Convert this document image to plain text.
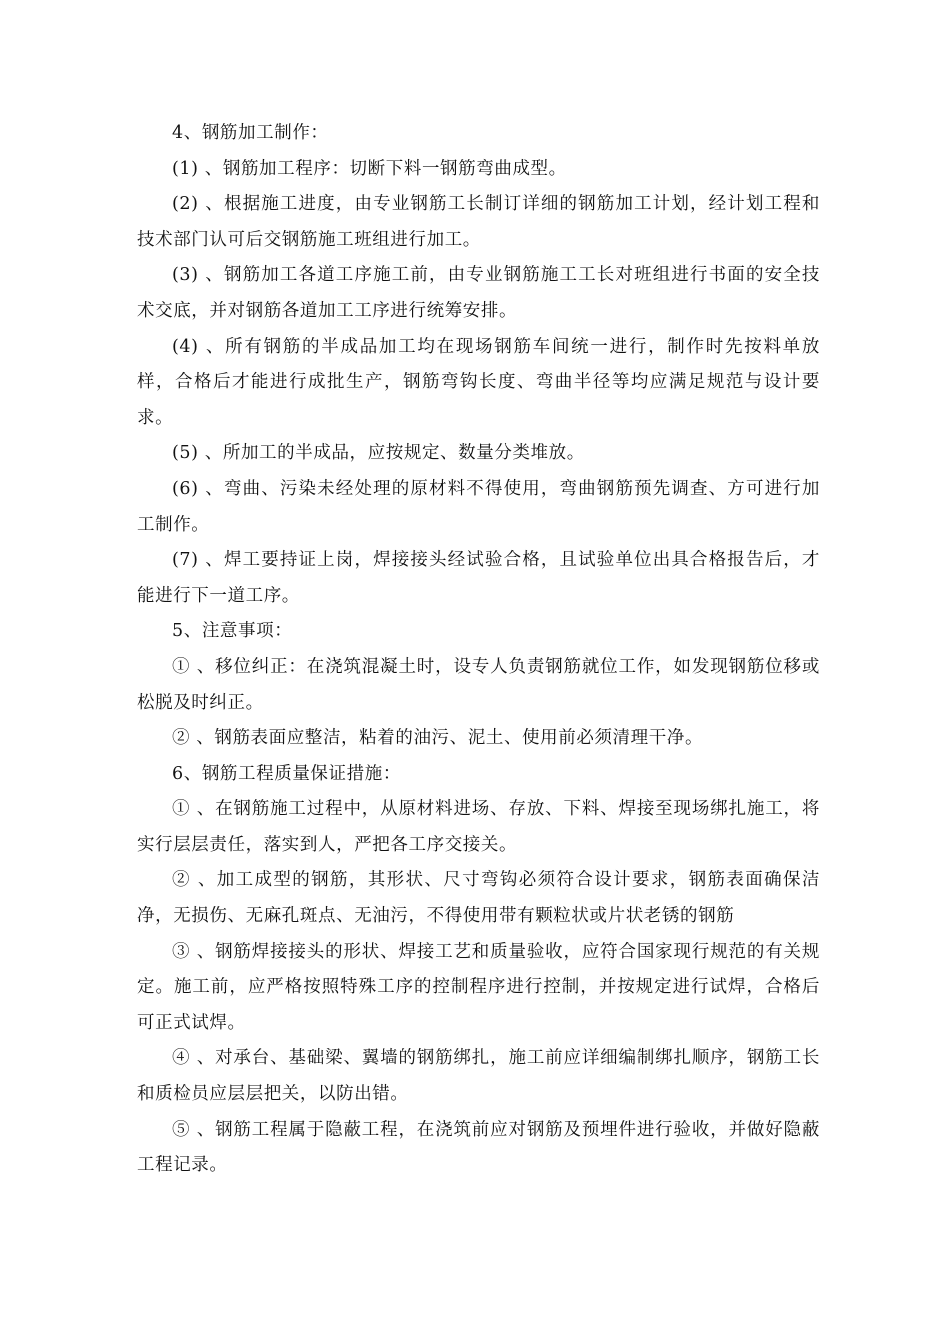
4、钢筋加工制作：

(1) 、钢筋加工程序：切断下料一钢筋弯曲成型。

(2) 、根据施工进度，由专业钢筋工长制订详细的钢筋加工计划，经计划工程和技术部门认可后交钢筋施工班组进行加工。

(3) 、钢筋加工各道工序施工前，由专业钢筋施工工长对班组进行书面的安全技术交底，并对钢筋各道加工工序进行统筹安排。

(4) 、所有钢筋的半成品加工均在现场钢筋车间统一进行，制作时先按料单放样，合格后才能进行成批生产，钢筋弯钩长度、弯曲半径等均应满足规范与设计要求。

(5) 、所加工的半成品，应按规定、数量分类堆放。

(6) 、弯曲、污染未经处理的原材料不得使用，弯曲钢筋预先调查、方可进行加工制作。

(7) 、焊工要持证上岗，焊接接头经试验合格，且试验单位出具合格报告后，才能进行下一道工序。

5、注意事项：

① 、移位纠正：在浇筑混凝土时，设专人负责钢筋就位工作，如发现钢筋位移或松脱及时纠正。

② 、钢筋表面应整洁，粘着的油污、泥土、使用前必须清理干净。

6、钢筋工程质量保证措施：

① 、在钢筋施工过程中，从原材料进场、存放、下料、焊接至现场绑扎施工，将实行层层责任，落实到人，严把各工序交接关。

② 、加工成型的钢筋，其形状、尺寸弯钩必须符合设计要求，钢筋表面确保洁净，无损伤、无麻孔斑点、无油污，不得使用带有颗粒状或片状老锈的钢筋

③ 、钢筋焊接接头的形状、焊接工艺和质量验收，应符合国家现行规范的有关规定。施工前，应严格按照特殊工序的控制程序进行控制，并按规定进行试焊，合格后可正式试焊。

④ 、对承台、基础梁、翼墙的钢筋绑扎，施工前应详细编制绑扎顺序，钢筋工长和质检员应层层把关，以防出错。

⑤ 、钢筋工程属于隐蔽工程，在浇筑前应对钢筋及预埋件进行验收，并做好隐蔽工程记录。
